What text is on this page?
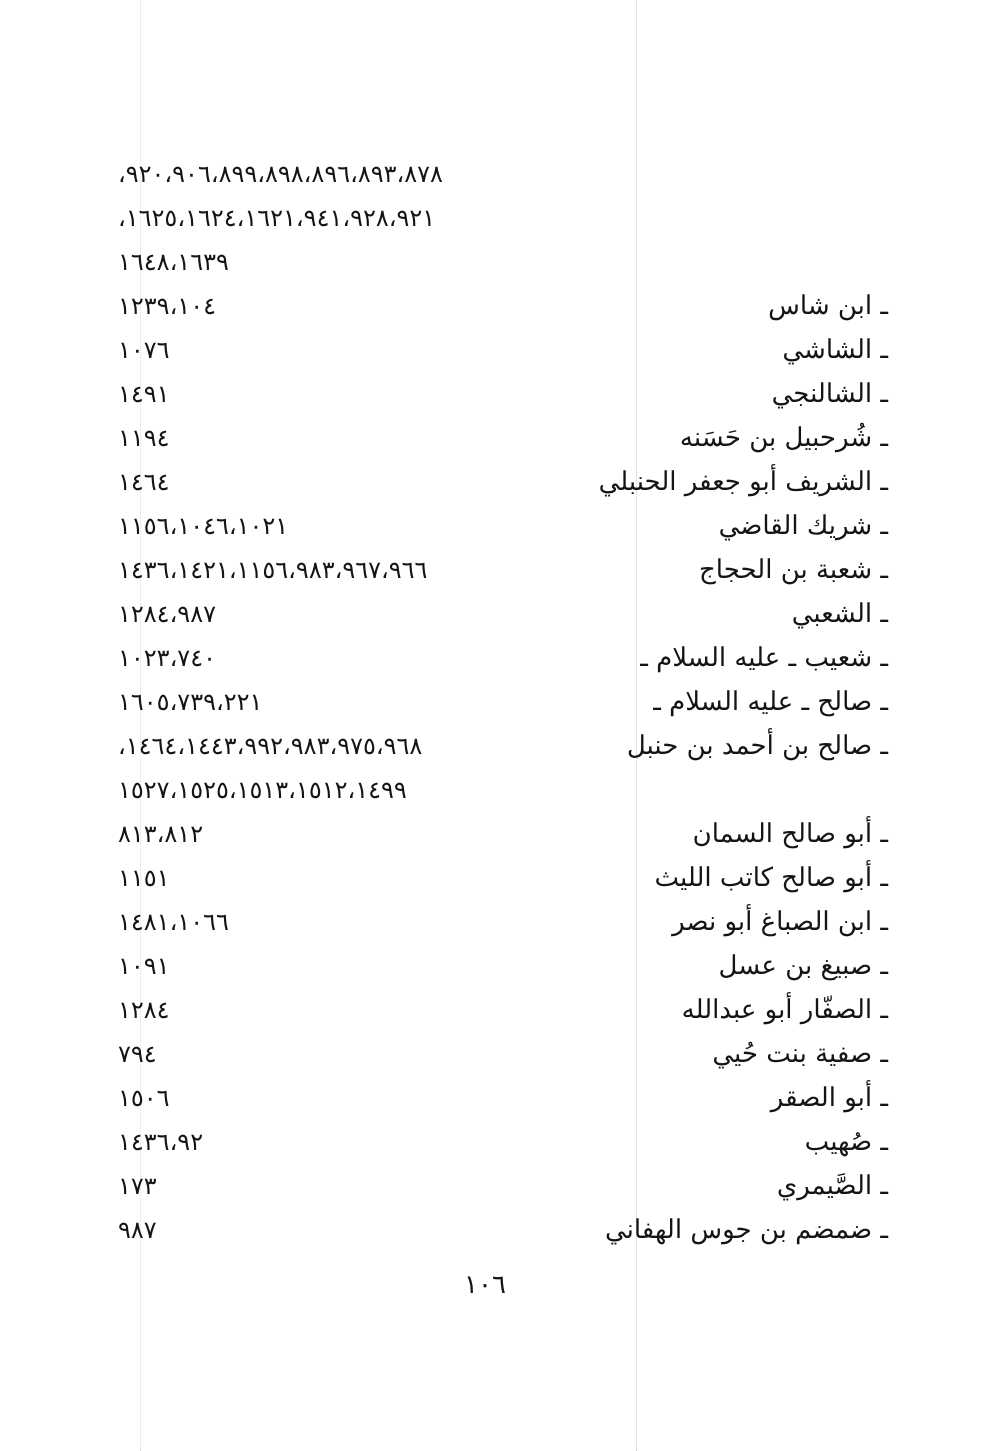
،٩٢٠،٩٠٦،٨٩٩،٨٩٨،٨٩٦،٨٩٣،٨٧٨
،١٦٢٥،١٦٢٤،١٦٢١،٩٤١،٩٢٨،٩٢١
١٦٤٨،١٦٣٩
١٢٣٩،١٠٤	ـ ابن شاس
١٠٧٦	ـ الشاشي
١٤٩١	ـ الشالنجي
١١٩٤	ـ شُرحبيل بن حَسَنه
١٤٦٤	ـ الشريف أبو جعفر الحنبلي
١١٥٦،١٠٤٦،١٠٢١	ـ شريك القاضي
١٤٣٦،١٤٢١،١١٥٦،٩٨٣،٩٦٧،٩٦٦	ـ شعبة بن الحجاج
١٢٨٤،٩٨٧	ـ الشعبي
١٠٢٣،٧٤٠	ـ شعيب ـ عليه السلام ـ
١٦٠٥،٧٣٩،٢٢١	ـ صالح ـ عليه السلام ـ
،١٤٦٤،١٤٤٣،٩٩٢،٩٨٣،٩٧٥،٩٦٨	ـ صالح بن أحمد بن حنبل
١٥٢٧،١٥٢٥،١٥١٣،١٥١٢،١٤٩٩
٨١٣،٨١٢	ـ أبو صالح السمان
١١٥١	ـ أبو صالح كاتب الليث
١٤٨١،١٠٦٦	ـ ابن الصباغ أبو نصر
١٠٩١	ـ صبيغ بن عسل
١٢٨٤	ـ الصفّار أبو عبدالله
٧٩٤	ـ صفية بنت حُيي
١٥٠٦	ـ أبو الصقر
١٤٣٦،٩٢	ـ صُهيب
١٧٣	ـ الصَّيمري
٩٨٧	ـ ضمضم بن جوس الهفاني
١٠٦
